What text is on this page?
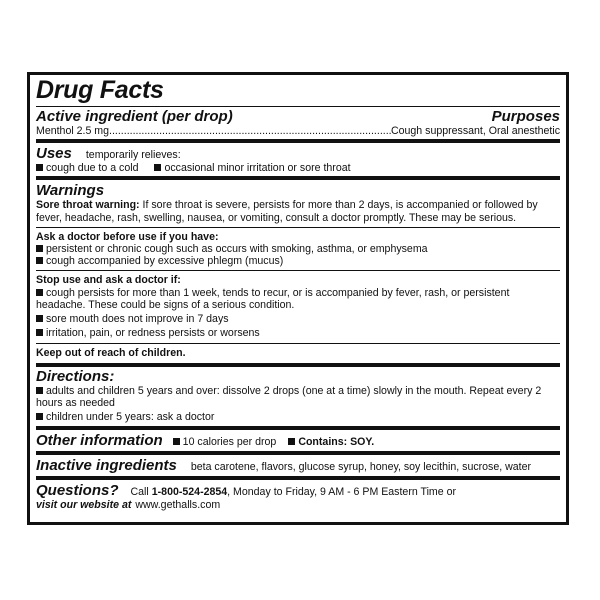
Drug Facts
Active ingredient (per drop)	Purposes
Menthol 2.5 mg
.....	Cough suppressant, Oral anesthetic
Uses temporarily relieves:
cough due to a cold	occasional minor irritation or sore throat
Warnings

Sore throat warning: If sore throat is severe, persists for more than 2 days, is accompanied or followed by fever, headache, rash, swelling, nausea, or vomiting, consult a doctor promptly. These may be serious.

Ask a doctor before use if you have:
persistent or chronic cough such as occurs with smoking, asthma, or emphysema
cough accompanied by excessive phlegm (mucus)
Stop use and ask a doctor if:
cough persists for more than 1 week, tends to recur, or is accompanied by fever, rash, or persistent headache. These could be signs of a serious condition.
sore mouth does not improve in 7 days
irritation, pain, or redness persists or worsens
Keep out of reach of children.
Directions:
adults and children 5 years and over: dissolve 2 drops (one at a time) slowly in the mouth. Repeat every 2 hours as needed
children under 5 years: ask a doctor
Other information	10 calories per drop	Contains: SOY.
Inactive ingredients beta carotene, flavors, glucose syrup, honey, soy lecithin, sucrose, water
Questions? Call 1-800-524-2854 , Monday to Friday, 9 AM - 6 PM Eastern Time or
visit our website at www.gethalls.com
